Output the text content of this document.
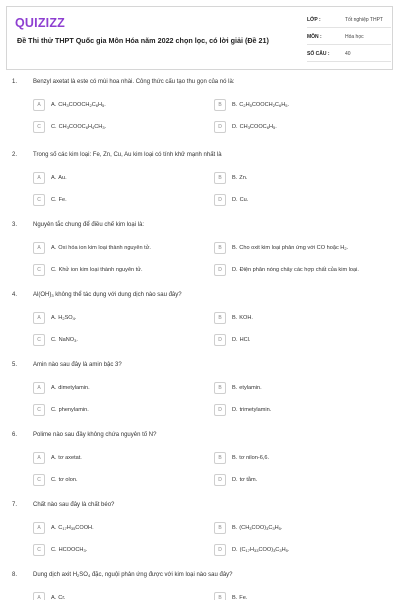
QUIZIZZ
Đề Thi thử THPT Quốc gia Môn Hóa năm 2022 chọn lọc, có lời giải (Đề 21)
LỚP :	Tốt nghiệp THPT
MÔN :	Hóa học
SỐ CÂU :	40
1.	Benzyl axetat là este có mùi hoa nhài. Công thức cấu tạo thu gọn của nó là:
A	A. $CH_3COOCH_2C_6H_5$.	B	B. $C_2H_5COOCH_2C_6H_5$.
C	C. $CH_3COOC_6H_4CH_3$.	D	D. $CH_3COOC_6H_5$.
2.	Trong số các kim loại: Fe, Zn, Cu, Au kim loại có tính khử mạnh nhất là
A	A. Au.	B	B. Zn.
C	C. Fe.	D	D. Cu.
3.	Nguyên tắc chung để điều chế kim loại là:
A	A. Oxi hóa ion kim loại thành nguyên tử.	B	B. Cho oxit kim loại phản ứng với CO hoặc $H_2$.
C	C. Khử ion kim loại thành nguyên tử.	D	D. Điện phân nóng chảy các hợp chất của kim loại.
4.	$Al(OH)_3$ không thể tác dụng với dung dịch nào sau đây?
A	A. $H_2SO_4$.	B	B. KOH.
C	C. NaNO$_3$.	D	D. HCl.
5.	Amin nào sau đây là amin bậc 3?
A	A. dimetylamin.	B	B. etylamin.
C	C. phenylamin.	D	D. trimetylamin.
6.	Polime nào sau đây không chứa nguyên tố N?
A	A. tơ axetat.	B	B. tơ nilon-6,6.
C	C. tơ olon.	D	D. tơ tằm.
7.	Chất nào sau đây là chất béo?
A	A. $C_{17}H_{35}COOH$.	B	B. $(CH_3COO)_3C_3H_5$.
C	C. $HCOOCH_3$.	D	D. $(C_{17}H_{33}COO)_3C_3H_5$.
8.	Dung dịch axit $H_2SO_4$ đặc, nguội phản ứng được với kim loại nào sau đây?
A	A. Cr.	B	B. Fe.
